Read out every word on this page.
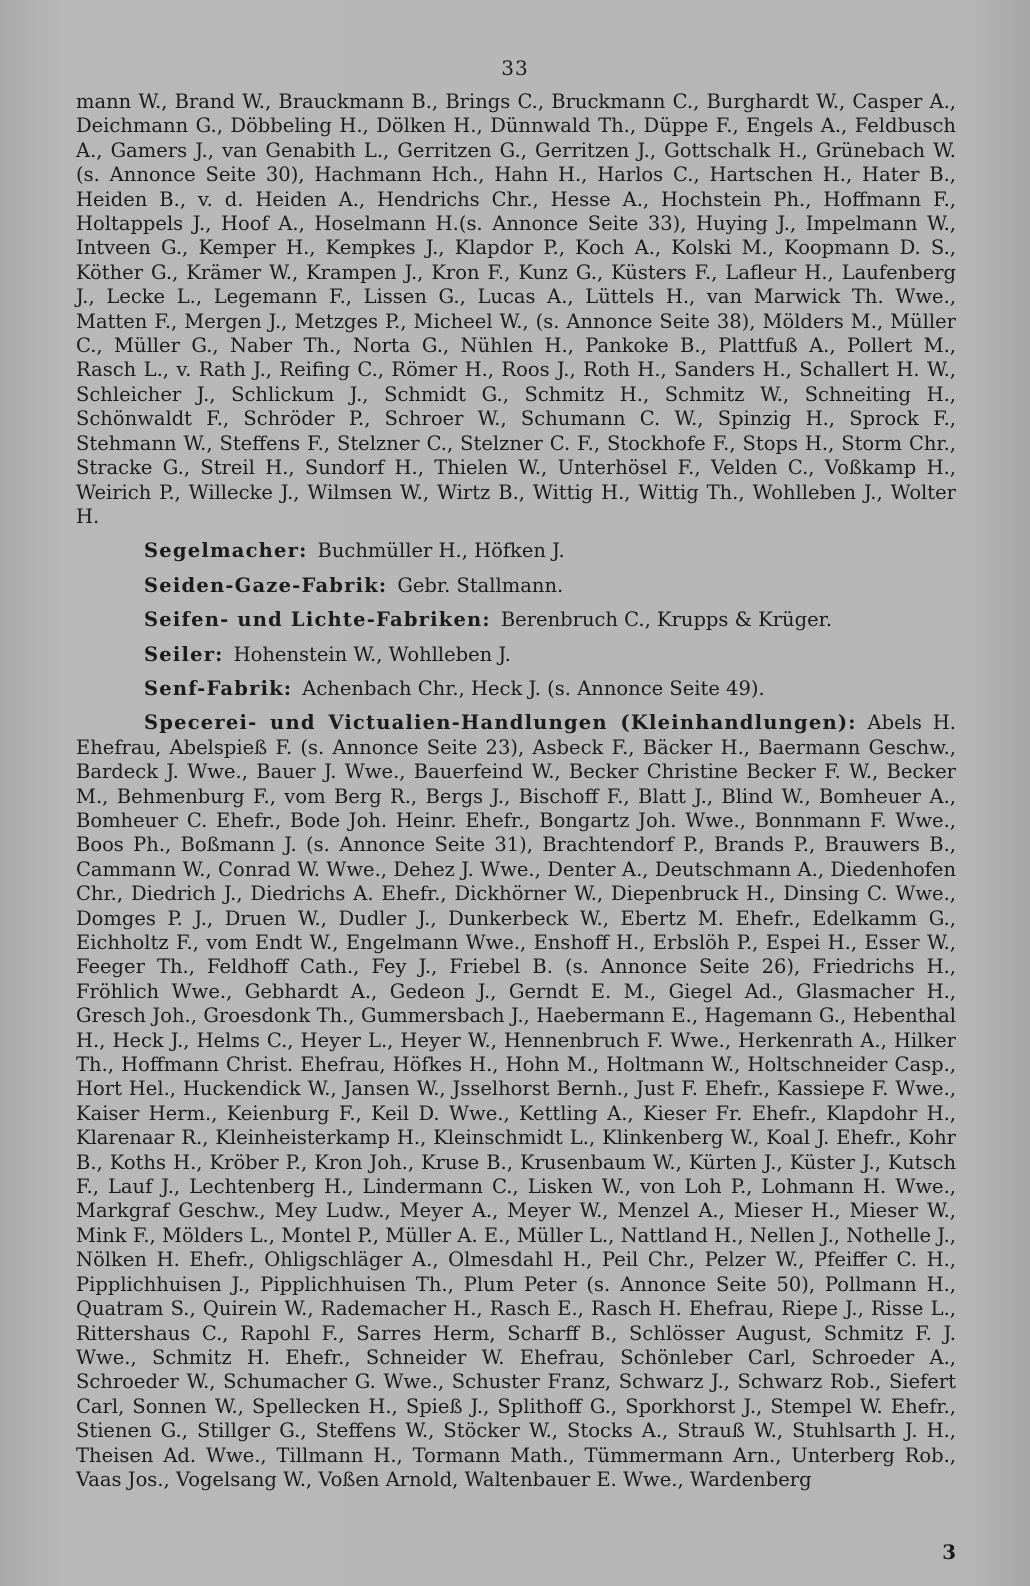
33

mann W., Brand W., Brauckmann B., Brings C., Bruckmann C., Burghardt W., Casper A., Deichmann G., Döbbeling H., Dölken H., Dünnwald Th., Düppe F., Engels A., Feldbusch A., Gamers J., van Genabith L., Gerritzen G., Gerritzen J., Gottschalk H., Grünebach W. (s. Annonce Seite 30), Hachmann Hch., Hahn H., Harlos C., Hartschen H., Hater B., Heiden B., v. d. Heiden A., Hendrichs Chr., Hesse A., Hochstein Ph., Hoffmann F., Holtappels J., Hoof A., Hoselmann H.(s. Annonce Seite 33), Huying J., Impelmann W., Intveen G., Kemper H., Kempkes J., Klapdor P., Koch A., Kolski M., Koopmann D. S., Köther G., Krämer W., Krampen J., Kron F., Kunz G., Küsters F., Lafleur H., Laufenberg J., Lecke L., Legemann F., Lissen G., Lucas A., Lüttels H., van Marwick Th. Wwe., Matten F., Mergen J., Metzges P., Micheel W., (s. Annonce Seite 38), Mölders M., Müller C., Müller G., Naber Th., Norta G., Nühlen H., Pankoke B., Plattfuß A., Pollert M., Rasch L., v. Rath J., Reifing C., Römer H., Roos J., Roth H., Sanders H., Schallert H. W., Schleicher J., Schlickum J., Schmidt G., Schmitz H., Schmitz W., Schneiting H., Schönwaldt F., Schröder P., Schroer W., Schumann C. W., Spinzig H., Sprock F., Stehmann W., Steffens F., Stelzner C., Stelzner C. F., Stockhofe F., Stops H., Storm Chr., Stracke G., Streil H., Sundorf H., Thielen W., Unterhösel F., Velden C., Voßkamp H., Weirich P., Willecke J., Wilmsen W., Wirtz B., Wittig H., Wittig Th., Wohlleben J., Wolter H.

Segelmacher: Buchmüller H., Höfken J.

Seiden-Gaze-Fabrik: Gebr. Stallmann.

Seifen- und Lichte-Fabriken: Berenbruch C., Krupps & Krüger.

Seiler: Hohenstein W., Wohlleben J.

Senf-Fabrik: Achenbach Chr., Heck J. (s. Annonce Seite 49).

Specerei- und Victualien-Handlungen (Kleinhandlungen): Abels H. Ehefrau, Abelspieß F. (s. Annonce Seite 23), Asbeck F., Bäcker H., Baermann Geschw., Bardeck J. Wwe., Bauer J. Wwe., Bauerfeind W., Becker Christine Becker F. W., Becker M., Behmenburg F., vom Berg R., Bergs J., Bischoff F., Blatt J., Blind W., Bomheuer A., Bomheuer C. Ehefr., Bode Joh. Heinr. Ehefr., Bongartz Joh. Wwe., Bonnmann F. Wwe., Boos Ph., Boßmann J. (s. Annonce Seite 31), Brachtendorf P., Brands P., Brauwers B., Cammann W., Conrad W. Wwe., Dehez J. Wwe., Denter A., Deutschmann A., Diedenhofen Chr., Diedrich J., Diedrichs A. Ehefr., Dickhörner W., Diepenbruck H., Dinsing C. Wwe., Domges P. J., Druen W., Dudler J., Dunkerbeck W., Ebertz M. Ehefr., Edelkamm G., Eichholtz F., vom Endt W., Engelmann Wwe., Enshoff H., Erbslöh P., Espei H., Esser W., Feeger Th., Feldhoff Cath., Fey J., Friebel B. (s. Annonce Seite 26), Friedrichs H., Fröhlich Wwe., Gebhardt A., Gedeon J., Gerndt E. M., Giegel Ad., Glasmacher H., Gresch Joh., Groesdonk Th., Gummersbach J., Haebermann E., Hagemann G., Hebenthal H., Heck J., Helms C., Heyer L., Heyer W., Hennenbruch F. Wwe., Herkenrath A., Hilker Th., Hoffmann Christ. Ehefrau, Höfkes H., Hohn M., Holtmann W., Holtschneider Casp., Hort Hel., Huckendick W., Jansen W., Jsselhorst Bernh., Just F. Ehefr., Kassiepe F. Wwe., Kaiser Herm., Keienburg F., Keil D. Wwe., Kettling A., Kieser Fr. Ehefr., Klapdohr H., Klarenaar R., Kleinheisterkamp H., Kleinschmidt L., Klinkenberg W., Koal J. Ehefr., Kohr B., Koths H., Kröber P., Kron Joh., Kruse B., Krusenbaum W., Kürten J., Küster J., Kutsch F., Lauf J., Lechtenberg H., Lindermann C., Lisken W., von Loh P., Lohmann H. Wwe., Markgraf Geschw., Mey Ludw., Meyer A., Meyer W., Menzel A., Mieser H., Mieser W., Mink F., Mölders L., Montel P., Müller A. E., Müller L., Nattland H., Nellen J., Nothelle J., Nölken H. Ehefr., Ohligschläger A., Olmesdahl H., Peil Chr., Pelzer W., Pfeiffer C. H., Pipplichhuisen J., Pipplichhuisen Th., Plum Peter (s. Annonce Seite 50), Pollmann H., Quatram S., Quirein W., Rademacher H., Rasch E., Rasch H. Ehefrau, Riepe J., Risse L., Rittershaus C., Rapohl F., Sarres Herm, Scharff B., Schlösser August, Schmitz F. J. Wwe., Schmitz H. Ehefr., Schneider W. Ehefrau, Schönleber Carl, Schroeder A., Schroeder W., Schumacher G. Wwe., Schuster Franz, Schwarz J., Schwarz Rob., Siefert Carl, Sonnen W., Spellecken H., Spieß J., Splithoff G., Sporkhorst J., Stempel W. Ehefr., Stienen G., Stillger G., Steffens W., Stöcker W., Stocks A., Strauß W., Stuhlsarth J. H., Theisen Ad. Wwe., Tillmann H., Tormann Math., Tümmermann Arn., Unterberg Rob., Vaas Jos., Vogelsang W., Voßen Arnold, Waltenbauer E. Wwe., Wardenberg

3
